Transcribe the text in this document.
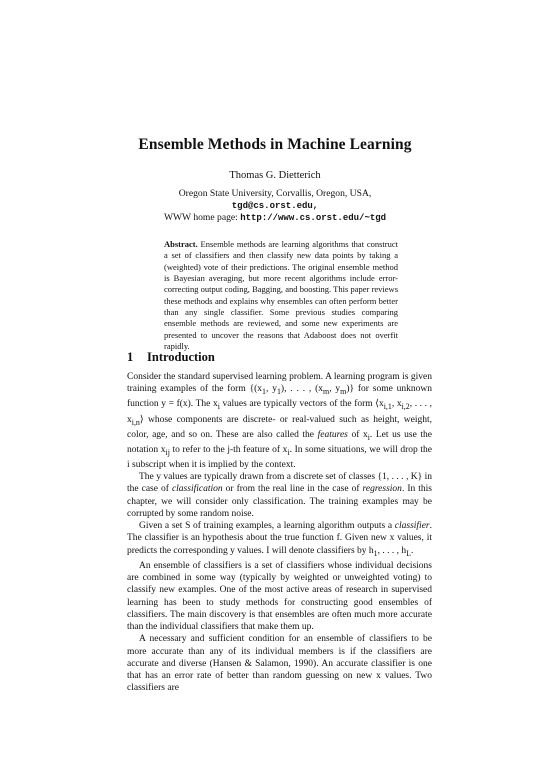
Ensemble Methods in Machine Learning
Thomas G. Dietterich
Oregon State University, Corvallis, Oregon, USA,
tgd@cs.orst.edu,
WWW home page: http://www.cs.orst.edu/~tgd
Abstract. Ensemble methods are learning algorithms that construct a set of classifiers and then classify new data points by taking a (weighted) vote of their predictions. The original ensemble method is Bayesian averaging, but more recent algorithms include error-correcting output coding, Bagging, and boosting. This paper reviews these methods and explains why ensembles can often perform better than any single classifier. Some previous studies comparing ensemble methods are reviewed, and some new experiments are presented to uncover the reasons that Adaboost does not overfit rapidly.
1 Introduction

Consider the standard supervised learning problem. A learning program is given training examples of the form {($x_1$, $y_1$), . . . , ($x_m$, $y_m$)} for some unknown function y = f(x). The $x_i$ values are typically vectors of the form $⟨x_{i,1}$, $x_{i,2}$, . . . , $x_{i,n}⟩$ whose components are discrete- or real-valued such as height, weight, color, age, and so on. These are also called the features of $x_i$. Let us use the notation $x_{ij}$ to refer to the j-th feature of $x_i$. In some situations, we will drop the i subscript when it is implied by the context.

The y values are typically drawn from a discrete set of classes {1, . . . , K} in the case of classification or from the real line in the case of regression. In this chapter, we will consider only classification. The training examples may be corrupted by some random noise.

Given a set S of training examples, a learning algorithm outputs a classifier. The classifier is an hypothesis about the true function f. Given new x values, it predicts the corresponding y values. I will denote classifiers by $h_1$, . . . , $h_L$.

An ensemble of classifiers is a set of classifiers whose individual decisions are combined in some way (typically by weighted or unweighted voting) to classify new examples. One of the most active areas of research in supervised learning has been to study methods for constructing good ensembles of classifiers. The main discovery is that ensembles are often much more accurate than the individual classifiers that make them up.

A necessary and sufficient condition for an ensemble of classifiers to be more accurate than any of its individual members is if the classifiers are accurate and diverse (Hansen & Salamon, 1990). An accurate classifier is one that has an error rate of better than random guessing on new x values. Two classifiers are
